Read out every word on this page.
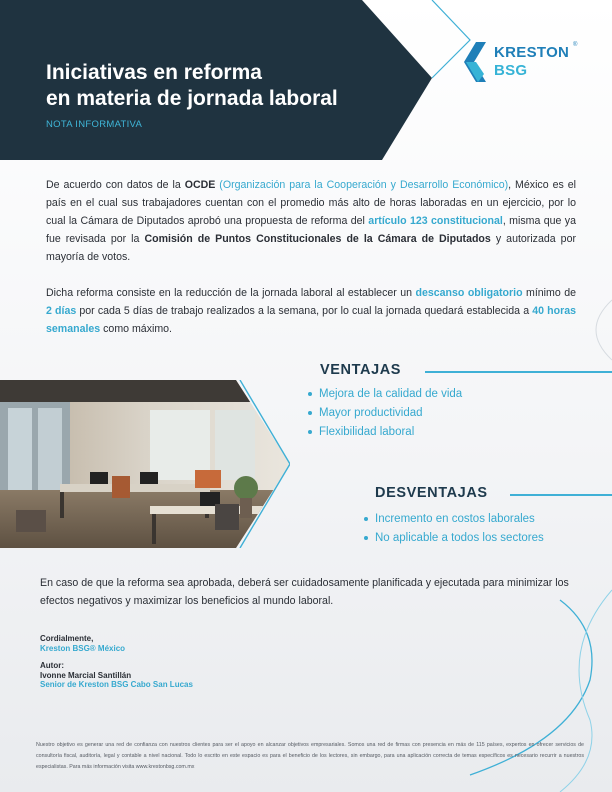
Iniciativas en reforma
en materia de jornada laboral
NOTA INFORMATIVA
KRESTON ®
BSG

De acuerdo con datos de la OCDE (Organización para la Cooperación y Desarrollo Económico), México es el país en el cual sus trabajadores cuentan con el promedio más alto de horas laboradas en un ejercicio, por lo cual la Cámara de Diputados aprobó una propuesta de reforma del artículo 123 constitucional, misma que ya fue revisada por la Comisión de Puntos Constitucionales de la Cámara de Diputados y autorizada por mayoría de votos.

Dicha reforma consiste en la reducción de la jornada laboral al establecer un descanso obligatorio mínimo de 2 días por cada 5 días de trabajo realizados a la semana, por lo cual la jornada quedará establecida a 40 horas semanales como máximo.

VENTAJAS
Mejora de la calidad de vida
Mayor productividad
Flexibilidad laboral
DESVENTAJAS
Incremento en costos laborales
No aplicable a todos los sectores

En caso de que la reforma sea aprobada, deberá ser cuidadosamente planificada y ejecutada para minimizar los efectos negativos y maximizar los beneficios al mundo laboral.

Cordialmente,
Kreston BSG® México
Autor:
Ivonne Marcial Santillán
Senior de Kreston BSG Cabo San Lucas

Nuestro objetivo es generar una red de confianza con nuestros clientes para ser el apoyo en alcanzar objetivos empresariales. Somos una red de firmas con presencia en más de 115 países, expertos en ofrecer servicios de consultoría fiscal, auditoría, legal y contable a nivel nacional. Todo lo escrito en este espacio es para el beneficio de los lectores, sin embargo, para una aplicación correcta de temas específicos es necesario recurrir a nuestros especialistas. Para más información visita www.krestonbsg.com.mx
